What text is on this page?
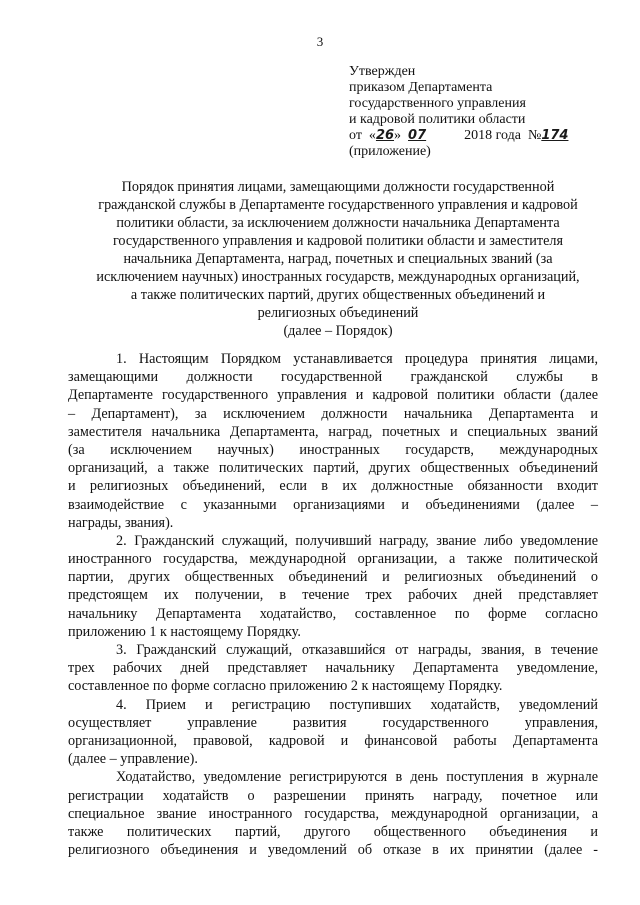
3
Утвержден
приказом Департамента
государственного управления
и кадровой политики области
от  « 26 » 07	2018 года  № 174
(приложение)
Порядок принятия лицами, замещающими должности государственной
гражданской службы в Департаменте государственного управления и кадровой
политики области, за исключением должности начальника Департамента
государственного управления и кадровой политики области и заместителя
начальника Департамента, наград, почетных и специальных званий (за
исключением научных) иностранных государств, международных организаций,
а также политических партий, других общественных объединений и
религиозных объединений
(далее – Порядок)
1. Настоящим Порядком устанавливается процедура принятия лицами,
замещающими должности государственной гражданской службы в
Департаменте государственного управления и кадровой политики области (далее
– Департамент), за исключением должности начальника Департамента и
заместителя начальника Департамента, наград, почетных и специальных званий
(за исключением научных) иностранных государств, международных
организаций, а также политических партий, других общественных объединений
и религиозных объединений, если в их должностные обязанности входит
взаимодействие с указанными организациями и объединениями (далее –
награды, звания).
2. Гражданский служащий, получивший награду, звание либо уведомление
иностранного государства, международной организации, а также политической
партии, других общественных объединений и религиозных объединений о
предстоящем их получении, в течение трех рабочих дней представляет
начальнику Департамента ходатайство, составленное по форме согласно
приложению 1 к настоящему Порядку.
3. Гражданский служащий, отказавшийся от награды, звания, в течение
трех рабочих дней представляет начальнику Департамента уведомление,
составленное по форме согласно приложению 2 к настоящему Порядку.
4. Прием и регистрацию поступивших ходатайств, уведомлений
осуществляет управление развития государственного управления,
организационной, правовой, кадровой и финансовой работы Департамента
(далее – управление).
Ходатайство, уведомление регистрируются в день поступления в журнале
регистрации ходатайств о разрешении принять награду, почетное или
специальное звание иностранного государства, международной организации, а
также политических партий, другого общественного объединения и
религиозного объединения и уведомлений об отказе в их принятии (далее -
